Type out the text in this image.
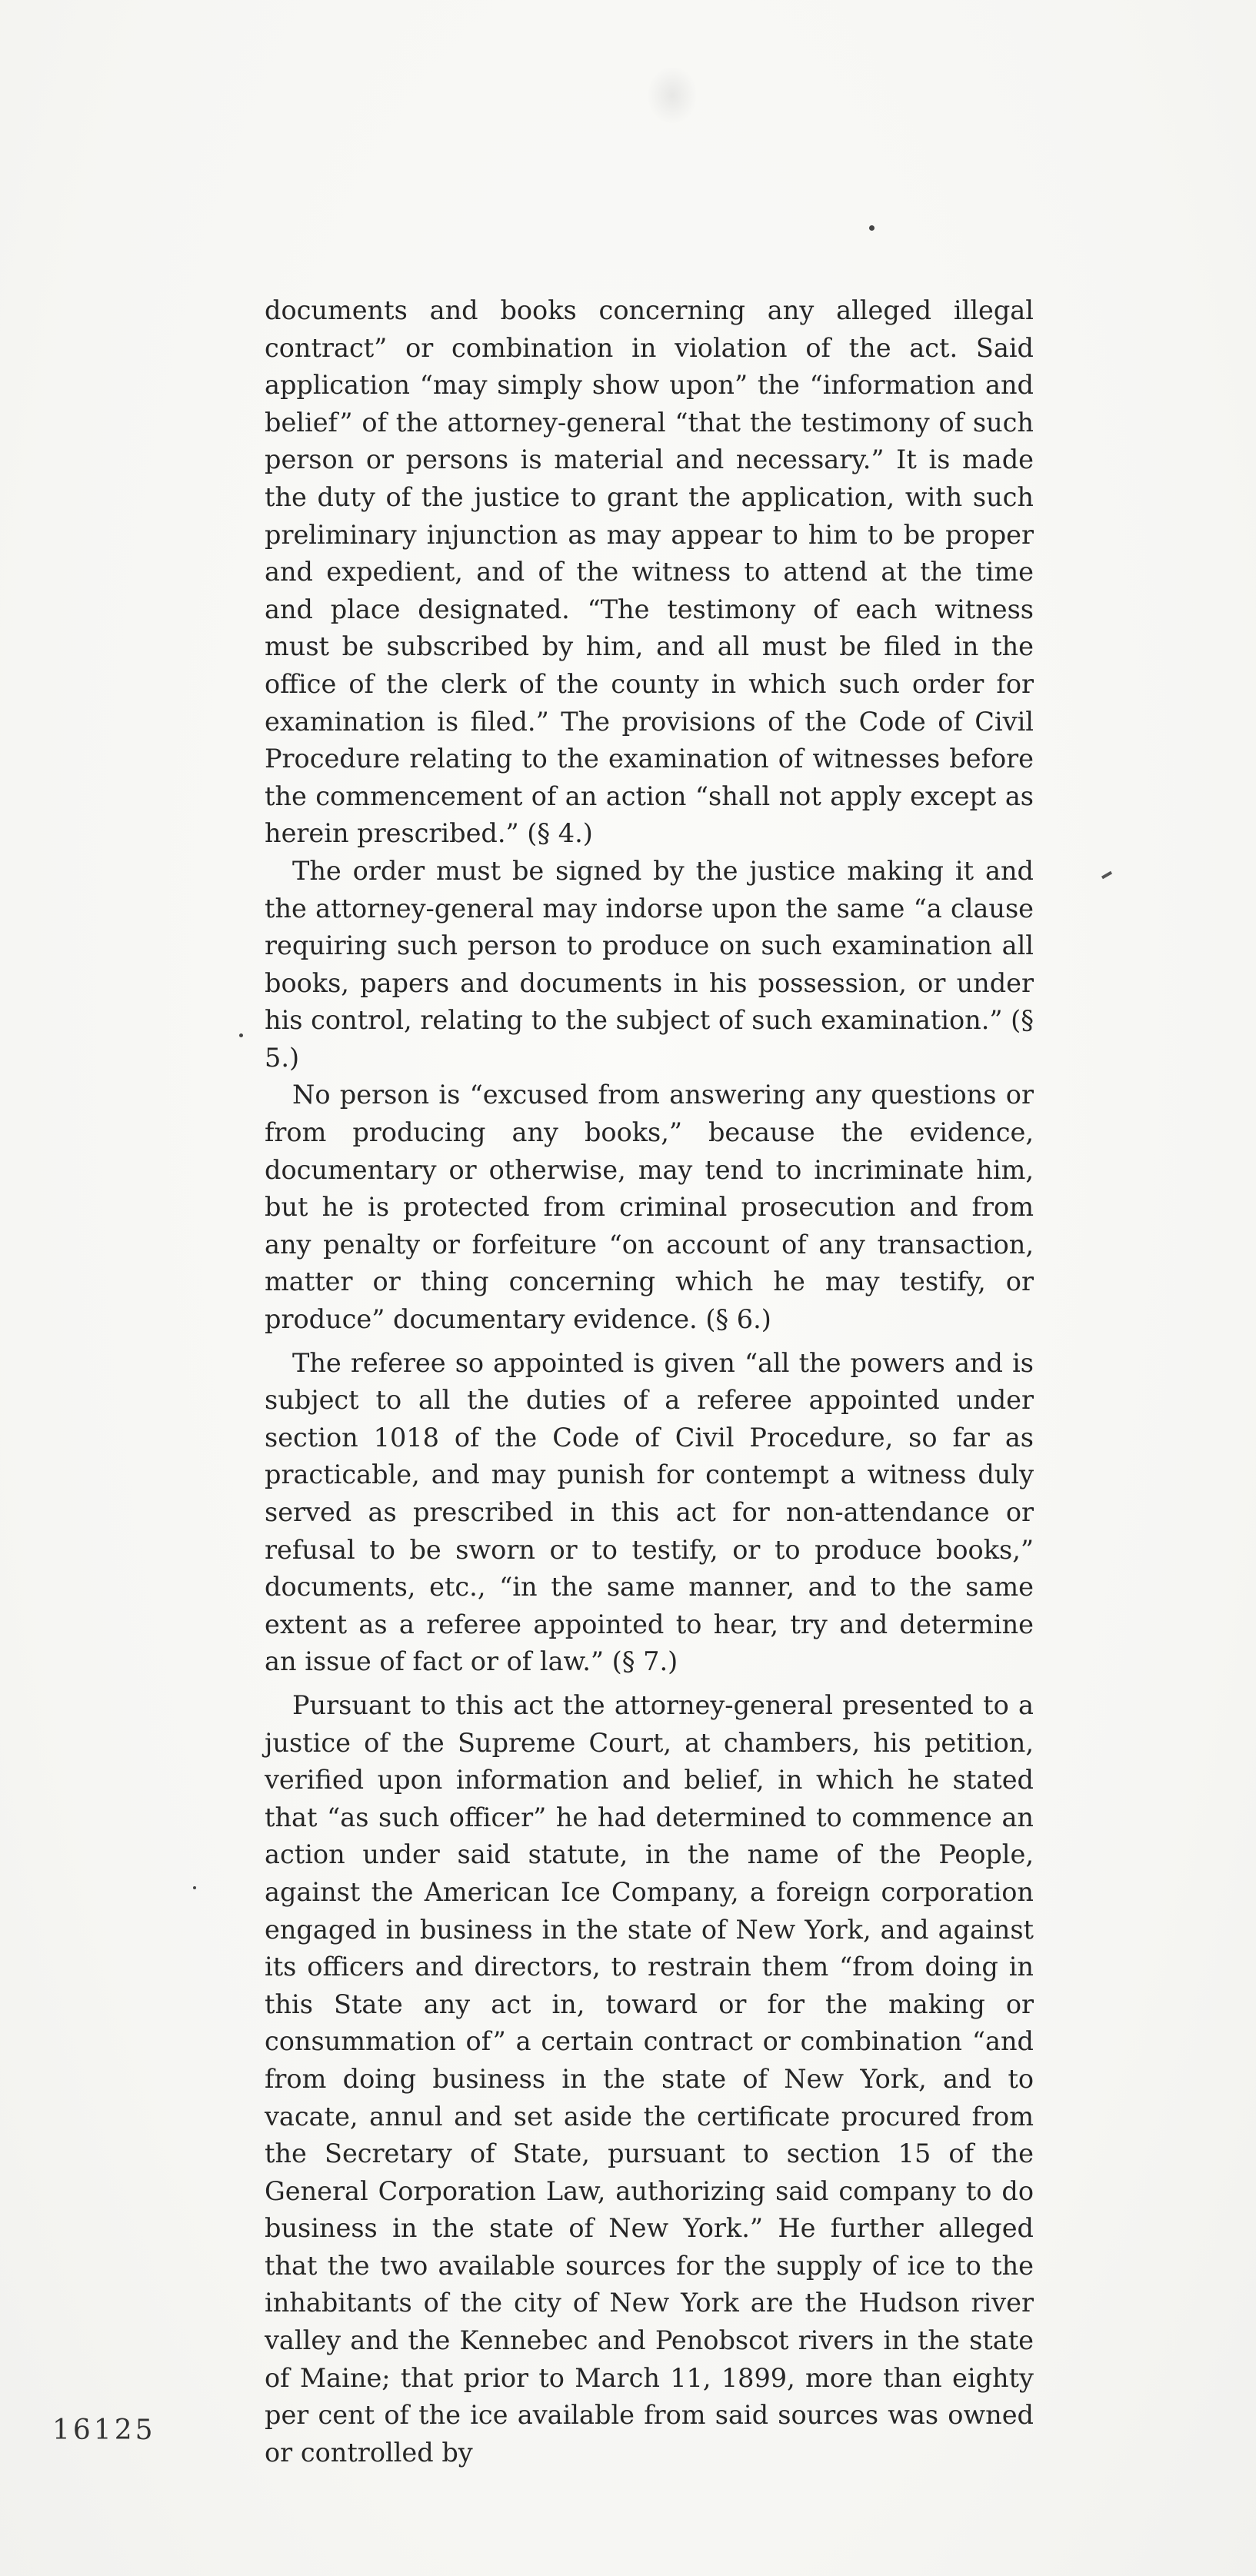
documents and books concerning any alleged illegal contract” or combination in violation of the act. Said application “may simply show upon” the “information and belief” of the attorney-general “that the testimony of such person or persons is material and necessary.” It is made the duty of the justice to grant the application, with such preliminary injunction as may appear to him to be proper and expedient, and of the witness to attend at the time and place designated. “The testimony of each witness must be subscribed by him, and all must be filed in the office of the clerk of the county in which such order for examination is filed.” The provisions of the Code of Civil Procedure relating to the examination of witnesses before the commencement of an action “shall not apply except as herein prescribed.” (§ 4.)

The order must be signed by the justice making it and the attorney-general may indorse upon the same “a clause requiring such person to produce on such examination all books, papers and documents in his possession, or under his control, relating to the subject of such examination.” (§ 5.)

No person is “excused from answering any questions or from producing any books,” because the evidence, documentary or otherwise, may tend to incriminate him, but he is protected from criminal prosecution and from any penalty or forfeiture “on account of any transaction, matter or thing concerning which he may testify, or produce” documentary evidence. (§ 6.)

The referee so appointed is given “all the powers and is subject to all the duties of a referee appointed under section 1018 of the Code of Civil Procedure, so far as practicable, and may punish for contempt a witness duly served as prescribed in this act for non-attendance or refusal to be sworn or to testify, or to produce books,” documents, etc., “in the same manner, and to the same extent as a referee appointed to hear, try and determine an issue of fact or of law.” (§ 7.)

Pursuant to this act the attorney-general presented to a justice of the Supreme Court, at chambers, his petition, verified upon information and belief, in which he stated that “as such officer” he had determined to commence an action under said statute, in the name of the People, against the American Ice Company, a foreign corporation engaged in business in the state of New York, and against its officers and directors, to restrain them “from doing in this State any act in, toward or for the making or consummation of” a certain contract or combination “and from doing business in the state of New York, and to vacate, annul and set aside the certificate procured from the Secretary of State, pursuant to section 15 of the General Corporation Law, authorizing said company to do business in the state of New York.” He further alleged that the two available sources for the supply of ice to the inhabitants of the city of New York are the Hudson river valley and the Kennebec and Penobscot rivers in the state of Maine; that prior to March 11, 1899, more than eighty per cent of the ice available from said sources was owned or controlled by

16125
